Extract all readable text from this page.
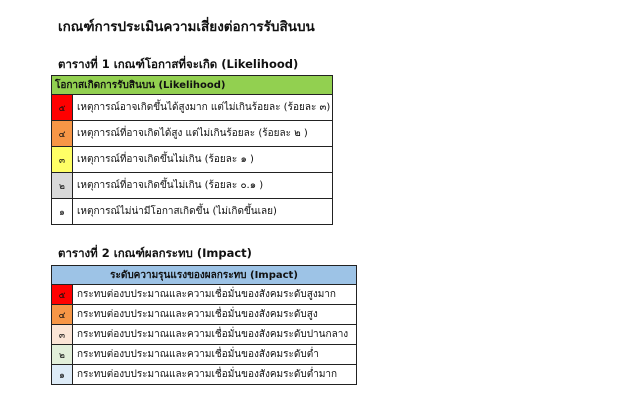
เกณฑ์การประเมินความเสี่ยงต่อการรับสินบน
ตารางที่ 1 เกณฑ์โอกาสที่จะเกิด (Likelihood)
โอกาสเกิดการรับสินบน (Likelihood)	
๕	เหตุการณ์อาจเกิดขึ้นได้สูงมาก แต่ไม่เกินร้อยละ (ร้อยละ ๓)
๔	เหตุการณ์ที่อาจเกิดได้สูง แต่ไม่เกินร้อยละ (ร้อยละ ๒ )
๓	เหตุการณ์ที่อาจเกิดขึ้นไม่เกิน (ร้อยละ ๑ )
๒	เหตุการณ์ที่อาจเกิดขึ้นไม่เกิน (ร้อยละ ๐.๑ )
๑	เหตุการณ์ไม่น่ามีโอกาสเกิดขึ้น (ไม่เกิดขึ้นเลย)
ตารางที่ 2 เกณฑ์ผลกระทบ (Impact)
ระดับความรุนแรงของผลกระทบ (Impact)	
๕	กระทบต่องบประมาณและความเชื่อมั่นของสังคมระดับสูงมาก
๔	กระทบต่องบประมาณและความเชื่อมั่นของสังคมระดับสูง
๓	กระทบต่องบประมาณและความเชื่อมั่นของสังคมระดับปานกลาง
๒	กระทบต่องบประมาณและความเชื่อมั่นของสังคมระดับต่ำ
๑	กระทบต่องบประมาณและความเชื่อมั่นของสังคมระดับต่ำมาก
